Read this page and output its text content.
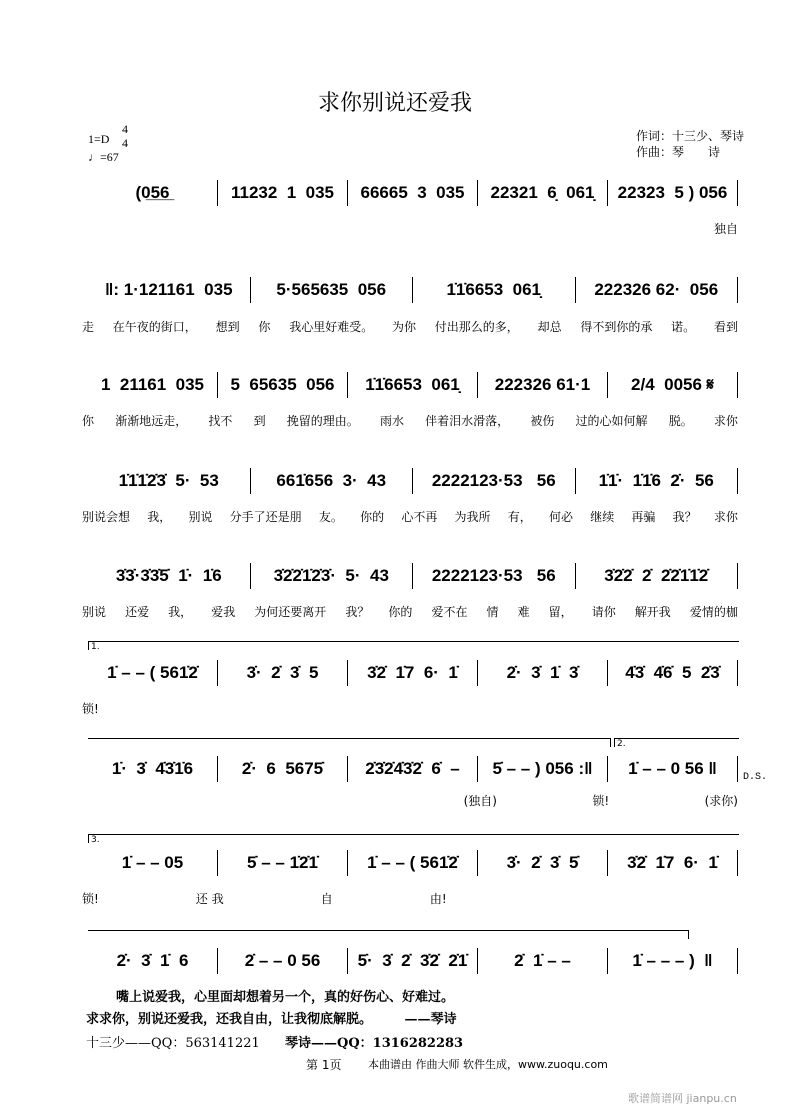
求你别说还爱我
1=D
4
4
♩=67
作词：十三少、琴诗
作曲：琴　　诗
(0̲5̲6̲	11232  1  035	66665  3  035	22321  6̣  061̣	22323  5 ) 056
独自
‖: 1·121161  035	5·565635  056	1̇1̇6653  061̣	222326 62·  056
走 在午夜的街口， 想到 你 我心里好难受。 为你 付出那么的多， 却总 得不到你的承 诺。 看到
1  21161  035	5  65635  056	1̇1̇6653  061̣	222326 61·1	2/4  0056 𝄋
你 渐渐地远走， 找不 到 挽留的理由。 雨水 伴着泪水滑落， 被伤 过的心如何解 脱。 求你
1̇1̇1̇2̇3̇  5·  53	661̇656  3·  43	2222123·53   56	1̇1̇·  1̇1̇6  2̇·  56
别说会想 我， 别说 分手了还是朋 友。 你的 心不再 为我所 有， 何必 继续 再骗 我？ 求你
3̇3̇·3̇3̇5̇  1̇·  1̇6	3̇2̇2̇1̇2̇3̇·  5·  43	2222123·53   56	3̇2̇2̇  2̇  2̇2̇1̇1̇2̇
别说 还爱 我， 爱我 为何还要离开 我？ 你的 爱不在 情 难 留， 请你 解开我 爱情的枷
1̇ – – ( 561̇2̇	3̇·  2̇  3̇  5	3̇2̇  1̇7  6·  1̇	2̇·  3̇  1̇  3̇	4̇3̇  4̇6̇  5  2̇3̇
锁!
1̇·  3̇  4̇3̇1̇6	2̇·  6  5675̇	2̇3̇2̇4̇3̇2̇  6̇  –	5̇ – – ) 056 :‖	1̇ – – 0 56 ‖
(独自)	锁!	(求你)
1̇ – – 05	5̇ – – 1̇2̇1̇	1̇ – – ( 561̇2̇	3̇·  2̇  3̇  5̇	3̇2̇  1̇7  6·  1̇
锁!	还 我	自	由!
2̇·  3̇  1̇  6	2̇ – – 0 56	5̇·  3̇  2̇  3̇2̇  2̇1̇	2̇  1̇ – –	1̇ – – – )  ‖
1.
2.
D.S.
3.
嘴上说爱我，心里面却想着另一个，真的好伤心、好难过。
求求你，别说还爱我，还我自由，让我彻底解脱。　　　——琴诗
十三少——QQ：563141221 琴诗——QQ：1316282283
第 1页 本曲谱由 作曲大师 软件生成，www.zuoqu.com
歌谱简谱网 jianpu.cn
